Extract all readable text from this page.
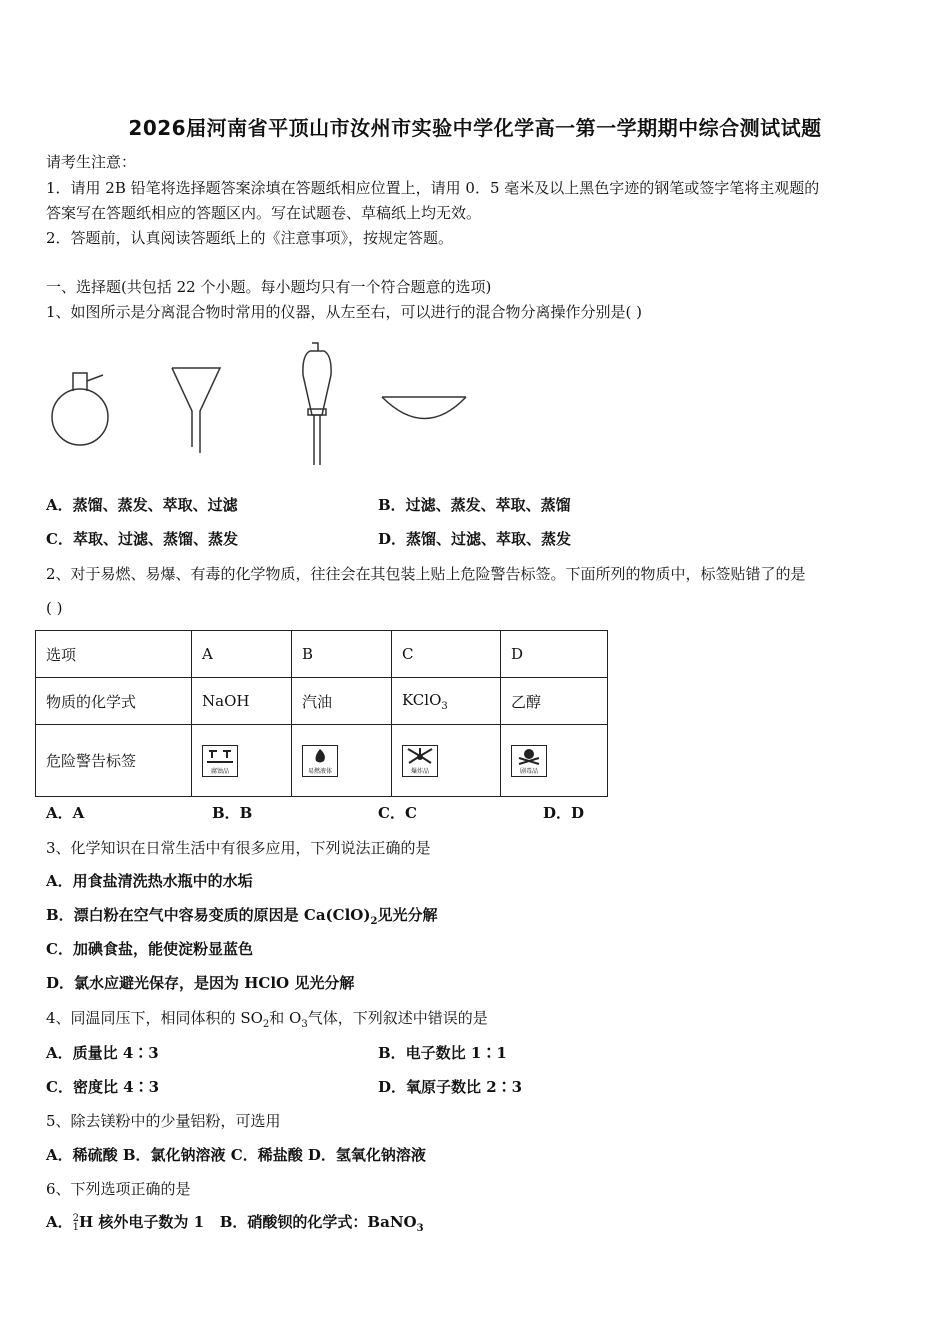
2026届河南省平顶山市汝州市实验中学化学高一第一学期期中综合测试试题
请考生注意：
1．请用 2B 铅笔将选择题答案涂填在答题纸相应位置上，请用 0．5 毫米及以上黑色字迹的钢笔或签字笔将主观题的
答案写在答题纸相应的答题区内。写在试题卷、草稿纸上均无效。
2．答题前，认真阅读答题纸上的《注意事项》，按规定答题。
一、选择题(共包括 22 个小题。每小题均只有一个符合题意的选项)
1、如图所示是分离混合物时常用的仪器，从左至右，可以进行的混合物分离操作分别是( )
A．蒸馏、蒸发、萃取、过滤	B．过滤、蒸发、萃取、蒸馏
C．萃取、过滤、蒸馏、蒸发	D．蒸馏、过滤、萃取、蒸发
2、对于易燃、易爆、有毒的化学物质，往往会在其包装上贴上危险警告标签。下面所列的物质中，标签贴错了的是
( )
选项	A	B	C	D
物质的化学式	NaOH	汽油	KClO$_3$	乙醇
危险警告标签	腐蚀品	易燃液体	爆炸品	剧毒品
A．A	B．B	C．C	D．D
3、化学知识在日常生活中有很多应用，下列说法正确的是
A．用食盐清洗热水瓶中的水垢
B．漂白粉在空气中容易变质的原因是 $Ca(ClO)_2$见光分解
C．加碘食盐，能使淀粉显蓝色
D．氯水应避光保存，是因为 HClO 见光分解
4、同温同压下，相同体积的 $SO_2$和 $O_3$气体，下列叙述中错误的是
A．质量比 4∶3	B．电子数比 1∶1
C．密度比 4∶3	D．氧原子数比 2∶3
5、除去镁粉中的少量铝粉，可选用
A．稀硫酸 B．氯化钠溶液 C．稀盐酸 D．氢氧化钠溶液
6、下列选项正确的是
A． 2
1 H 核外电子数为 1 B．硝酸钡的化学式：BaNO$_3$
